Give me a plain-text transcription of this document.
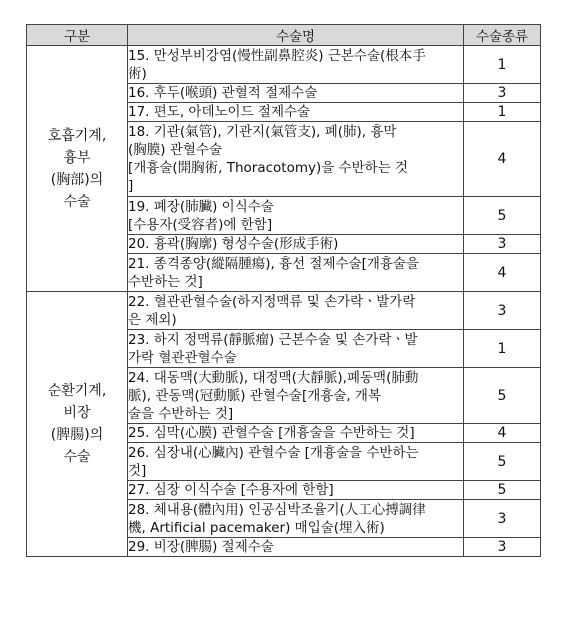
구분	수술명	수술종류

호흡기계,
흉부
(胸部)의
수술	15. 만성부비강염(慢性副鼻腔炎) 근본수술(根本手
術)	1

	16. 후두(喉頭) 관혈적 절제수술	3

	17. 편도, 아데노이드 절제수술	1

	18. 기관(氣管), 기관지(氣管支), 폐(肺), 흉막
(胸膜) 관혈수술
[개흉술(開胸術, Thoracotomy)을 수반하는 것
]	4

	19. 폐장(肺臟) 이식수술
[수용자(受容者)에 한함]	5

	20. 흉곽(胸廓) 형성수술(形成手術)	3

	21. 종격종양(縱隔腫瘍), 흉선 절제수술[개흉술을
수반하는 것]	4

순환기계,
비장
(脾腸)의
수술	22. 혈관관혈수술(하지정맥류 및 손가락ㆍ발가락
은 제외)	3

	23. 하지 정맥류(靜脈瘤) 근본수술 및 손가락ㆍ발
가락 혈관관혈수술	1

	24. 대동맥(大動脈), 대정맥(大靜脈),폐동맥(肺動
脈), 관동맥(冠動脈) 관혈수술[개흉술, 개복
술을 수반하는 것]	5

	25. 심막(心膜) 관혈수술 [개흉술을 수반하는 것]	4

	26. 심장내(心臟內) 관혈수술 [개흉술을 수반하는
것]	5

	27. 심장 이식수술 [수용자에 한함]	5

	28. 체내용(體內用) 인공심박조율기(人工心搏調律
機, Artificial pacemaker) 매입술(埋入術)	3

	29. 비장(脾腸) 절제수술	3
